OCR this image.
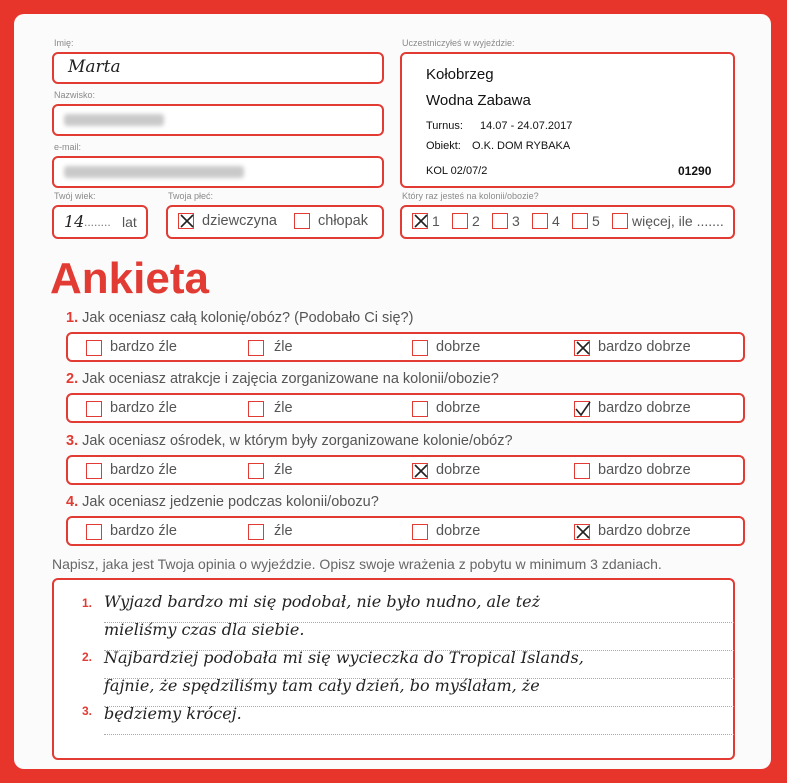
Imię:
Marta
Nazwisko:
e-mail:
Twój wiek:
14 ........ lat
Twoja płeć:
dziewczyna	chłopak
Uczestniczyłeś w wyjeździe:
Kołobrzeg
Wodna Zabawa
Turnus: 14.07 - 24.07.2017
Obiekt: O.K. DOM RYBAKA
KOL 02/07/2	01290
Który raz jesteś na kolonii/obozie?
1 2 3 4 5 więcej, ile .......
Ankieta
1. Jak oceniasz całą kolonię/obóz? (Podobało Ci się?)
bardzo źle	źle	dobrze	bardzo dobrze
2. Jak oceniasz atrakcje i zajęcia zorganizowane na kolonii/obozie?
bardzo źle	źle	dobrze	bardzo dobrze
3. Jak oceniasz ośrodek, w którym były zorganizowane kolonie/obóz?
bardzo źle	źle	dobrze	bardzo dobrze
4. Jak oceniasz jedzenie podczas kolonii/obozu?
bardzo źle	źle	dobrze	bardzo dobrze
Napisz, jaka jest Twoja opinia o wyjeździe. Opisz swoje wrażenia z pobytu w minimum 3 zdaniach.
1.
2.
3.
Wyjazd bardzo mi się podobał, nie było nudno, ale też
mieliśmy czas dla siebie.
Najbardziej podobała mi się wycieczka do Tropical Islands,
fajnie, że spędziliśmy tam cały dzień, bo myślałam, że
będziemy krócej.
